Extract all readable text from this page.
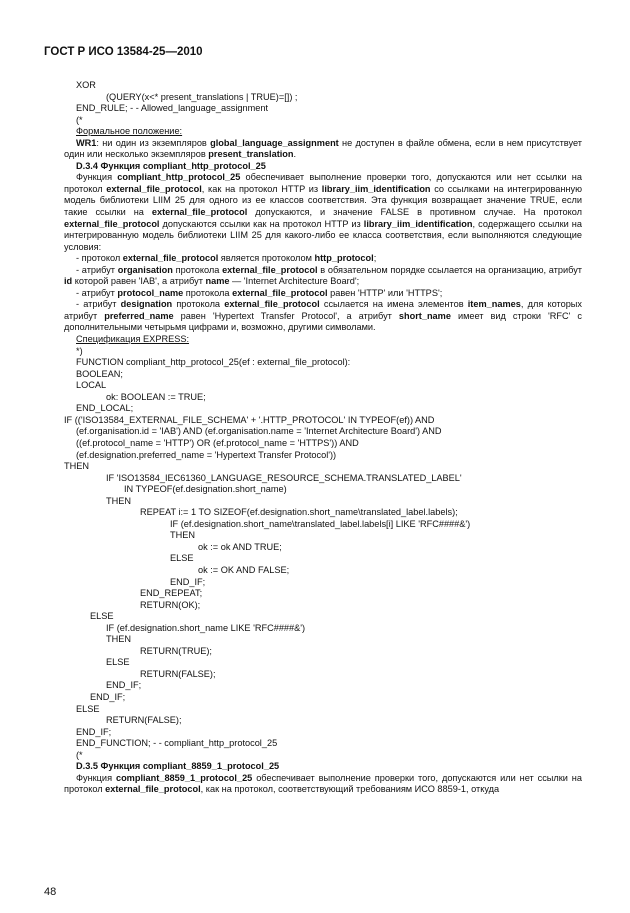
ГОСТ Р ИСО 13584-25—2010
XOR
(QUERY(x<* present_translations | TRUE)=[]) ;
END_RULE; - - Allowed_language_assignment
(*
Формальное положение:
WR1: ни один из экземпляров global_language_assignment не доступен в файле обмена, если в нем присутствует один или несколько экземпляров present_translation.
D.3.4 Функция compliant_http_protocol_25
Функция compliant_http_protocol_25 обеспечивает выполнение проверки того, допускаются или нет ссылки на протокол external_file_protocol, как на протокол HTTP из library_iim_identification со ссылками на интегрированную модель библиотеки LIIM 25 для одного из ее классов соответствия. Эта функция возвращает значение TRUE, если такие ссылки на external_file_protocol допускаются, и значение FALSE в противном случае. На протокол external_file_protocol допускаются ссылки как на протокол HTTP из library_iim_identification, содержащего ссылки на интегрированную модель библиотеки LIIM 25 для какого-либо ее класса соответствия, если выполняются следующие условия:
- протокол external_file_protocol является протоколом http_protocol;
- атрибут organisation протокола external_file_protocol в обязательном порядке ссылается на организацию, атрибут id которой равен 'IAB', а атрибут name — 'Internet Architecture Board';
- атрибут protocol_name протокола external_file_protocol равен 'HTTP' или 'HTTPS';
- атрибут designation протокола external_file_protocol ссылается на имена элементов item_names, для которых атрибут preferred_name равен 'Hypertext Transfer Protocol', а атрибут short_name имеет вид строки 'RFC' с дополнительными четырьмя цифрами и, возможно, другими символами.
Спецификация EXPRESS:
*)
FUNCTION compliant_http_protocol_25(ef : external_file_protocol):
BOOLEAN;
LOCAL
ok: BOOLEAN := TRUE;
END_LOCAL;
IF (('ISO13584_EXTERNAL_FILE_SCHEMA' + '.HTTP_PROTOCOL' IN TYPEOF(ef)) AND
(ef.organisation.id = 'IAB') AND (ef.organisation.name = 'Internet Architecture Board') AND
((ef.protocol_name = 'HTTP') OR (ef.protocol_name = 'HTTPS')) AND
(ef.designation.preferred_name = 'Hypertext Transfer Protocol'))
THEN
IF 'ISO13584_IEC61360_LANGUAGE_RESOURCE_SCHEMA.TRANSLATED_LABEL'
IN TYPEOF(ef.designation.short_name)
THEN
REPEAT i:= 1 TO SIZEOF(ef.designation.short_name\translated_label.labels);
IF (ef.designation.short_name\translated_label.labels[i] LIKE 'RFC####&')
THEN
ok := ok AND TRUE;
ELSE
ok := OK AND FALSE;
END_IF;
END_REPEAT;
RETURN(OK);
ELSE
IF (ef.designation.short_name LIKE 'RFC####&')
THEN
RETURN(TRUE);
ELSE
RETURN(FALSE);
END_IF;
END_IF;
ELSE
RETURN(FALSE);
END_IF;
END_FUNCTION; - - compliant_http_protocol_25
(*
D.3.5 Функция compliant_8859_1_protocol_25
Функция compliant_8859_1_protocol_25 обеспечивает выполнение проверки того, допускаются или нет ссылки на протокол external_file_protocol, как на протокол, соответствующий требованиям ИСО 8859-1, откуда
48
